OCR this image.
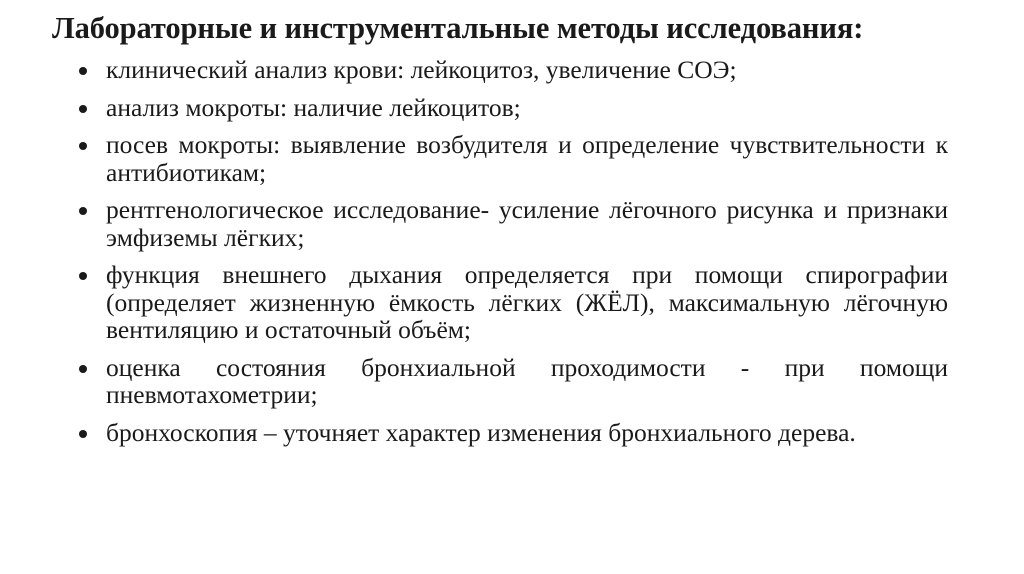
Лабораторные и инструментальные методы исследования:
клинический анализ крови: лейкоцитоз, увеличение СОЭ;
анализ мокроты: наличие лейкоцитов;
посев мокроты: выявление возбудителя и определение чувствительности к антибиотикам;
рентгенологическое исследование- усиление лёгочного рисунка и признаки эмфиземы лёгких;
функция внешнего дыхания определяется при помощи спирографии (определяет жизненную ёмкость лёгких (ЖЁЛ), максимальную лёгочную вентиляцию и остаточный объём;
оценка состояния бронхиальной проходимости - при помощи пневмотахометрии;
бронхоскопия – уточняет характер изменения бронхиального дерева.
